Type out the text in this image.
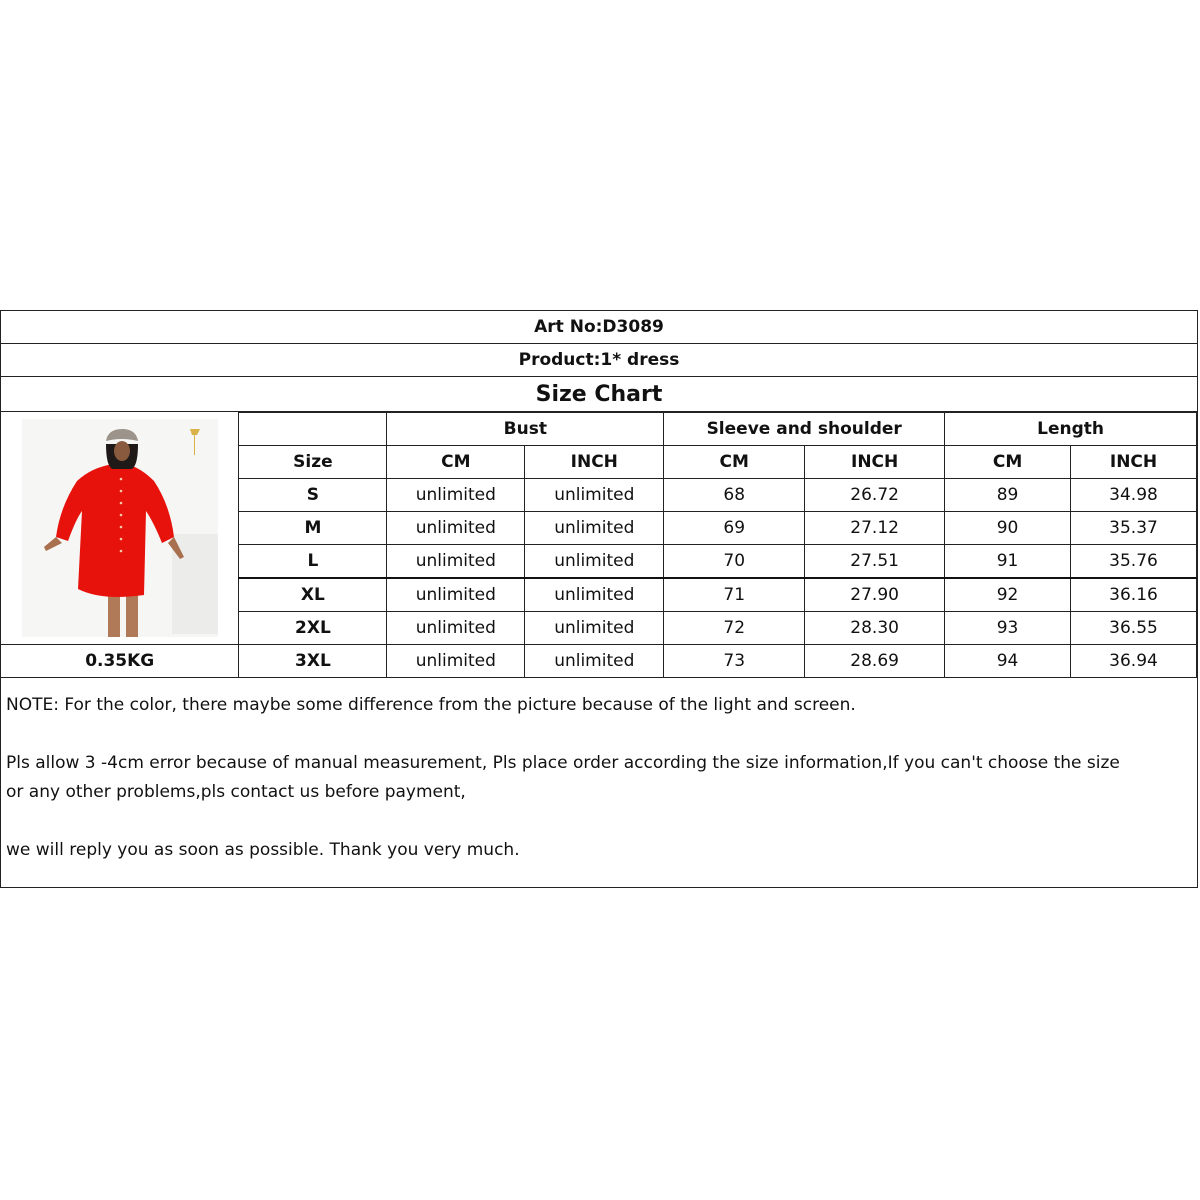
Art No:D3089
Product:1* dress
Size Chart
		Bust		Sleeve and shoulder		Length	
	Size	CM	INCH	CM	INCH	CM	INCH
	S	unlimited	unlimited	68	26.72	89	34.98
	M	unlimited	unlimited	69	27.12	90	35.37
	L	unlimited	unlimited	70	27.51	91	35.76
	XL	unlimited	unlimited	71	27.90	92	36.16
	2XL	unlimited	unlimited	72	28.30	93	36.55
0.35KG	3XL	unlimited	unlimited	73	28.69	94	36.94

NOTE: For the color, there maybe some difference from the picture because of the light and screen.

Pls allow 3 -4cm error because of manual measurement, Pls place order according the size information,If you can't choose the size

or any other problems,pls contact us before payment,

we will reply you as soon as possible. Thank you very much.
